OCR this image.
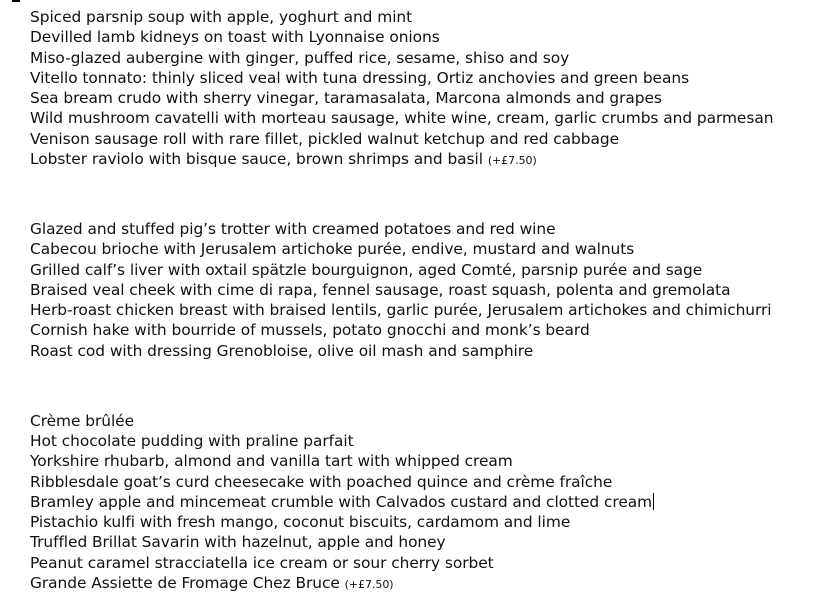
Spiced parsnip soup with apple, yoghurt and mint
Devilled lamb kidneys on toast with Lyonnaise onions
Miso-glazed aubergine with ginger, puffed rice, sesame, shiso and soy
Vitello tonnato: thinly sliced veal with tuna dressing, Ortiz anchovies and green beans
Sea bream crudo with sherry vinegar, taramasalata, Marcona almonds and grapes
Wild mushroom cavatelli with morteau sausage, white wine, cream, garlic crumbs and parmesan
Venison sausage roll with rare fillet, pickled walnut ketchup and red cabbage
Lobster raviolo with bisque sauce, brown shrimps and basil (+£7.50)
Glazed and stuffed pig’s trotter with creamed potatoes and red wine
Cabecou brioche with Jerusalem artichoke purée, endive, mustard and walnuts
Grilled calf’s liver with oxtail spätzle bourguignon, aged Comté, parsnip purée and sage
Braised veal cheek with cime di rapa, fennel sausage, roast squash, polenta and gremolata
Herb-roast chicken breast with braised lentils, garlic purée, Jerusalem artichokes and chimichurri
Cornish hake with bourride of mussels, potato gnocchi and monk’s beard
Roast cod with dressing Grenobloise, olive oil mash and samphire
Crème brûlée
Hot chocolate pudding with praline parfait
Yorkshire rhubarb, almond and vanilla tart with whipped cream
Ribblesdale goat’s curd cheesecake with poached quince and crème fraîche
Bramley apple and mincemeat crumble with Calvados custard and clotted cream
Pistachio kulfi with fresh mango, coconut biscuits, cardamom and lime
Truffled Brillat Savarin with hazelnut, apple and honey
Peanut caramel stracciatella ice cream or sour cherry sorbet
Grande Assiette de Fromage Chez Bruce (+£7.50)
